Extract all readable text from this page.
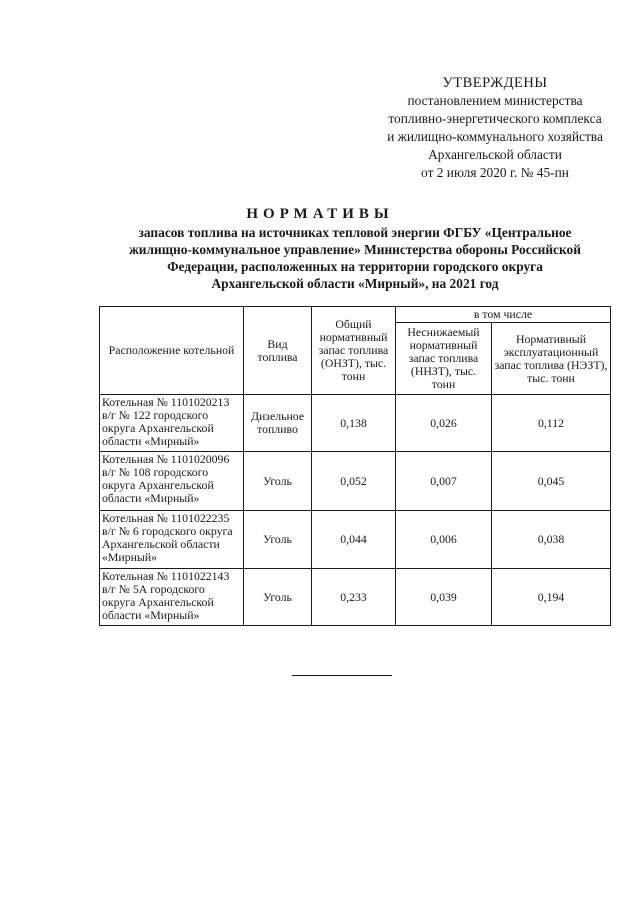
УТВЕРЖДЕНЫ
постановлением министерства
топливно-энергетического комплекса
и жилищно-коммунального хозяйства
Архангельской области
от 2 июля 2020 г. № 45-пн
НОРМАТИВЫ
запасов топлива на источниках тепловой энергии ФГБУ «Центральное
жилищно-коммунальное управление» Министерства обороны Российской
Федерации, расположенных на территории городского округа
Архангельской области «Мирный», на 2021 год
Расположение котельной	Вид топлива	Общий нормативный запас топлива (ОНЗТ), тыс. тонн	в том числе	
			Неснижаемый нормативный запас топлива (ННЗТ), тыс. тонн	Нормативный эксплуатационный запас топлива (НЭЗТ), тыс. тонн
Котельная № 1101020213 в/г № 122 городского округа Архангельской области «Мирный»	Дизельное топливо	0,138	0,026	0,112
Котельная № 1101020096 в/г № 108 городского округа Архангельской области «Мирный»	Уголь	0,052	0,007	0,045
Котельная № 1101022235 в/г № 6 городского округа Архангельской области «Мирный»	Уголь	0,044	0,006	0,038
Котельная № 1101022143 в/г № 5А городского округа Архангельской области «Мирный»	Уголь	0,233	0,039	0,194
